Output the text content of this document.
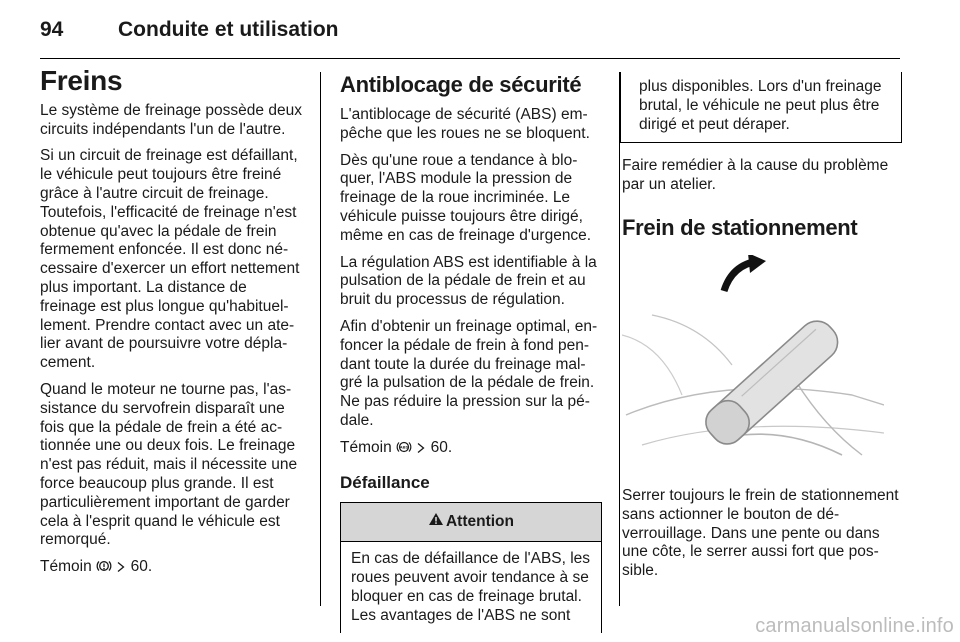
94	Conduite et utilisation
Freins

Le système de freinage possède deux circuits indépendants l'un de l'autre.

Si un circuit de freinage est défaillant, le véhicule peut toujours être freiné grâce à l'autre circuit de freinage. Toutefois, l'efficacité de freinage n'est obtenue qu'avec la pédale de frein fermement enfoncée. Il est donc nécessaire d'exercer un effort nettement plus important. La distance de freinage est plus longue qu'habituellement. Prendre contact avec un atelier avant de poursuivre votre déplacement.

Quand le moteur ne tourne pas, l'assistance du servofrein disparaît une fois que la pédale de frein a été actionnée une ou deux fois. Le freinage n'est pas réduit, mais il nécessite une force beaucoup plus grande. Il est particulièrement important de garder cela à l'esprit quand le véhicule est remorqué.

Témoin	60.

Antiblocage de sécurité

L'antiblocage de sécurité (ABS) empêche que les roues ne se bloquent.

Dès qu'une roue a tendance à bloquer, l'ABS module la pression de freinage de la roue incriminée. Le véhicule puisse toujours être dirigé, même en cas de freinage d'urgence.

La régulation ABS est identifiable à la pulsation de la pédale de frein et au bruit du processus de régulation.

Afin d'obtenir un freinage optimal, enfoncer la pédale de frein à fond pendant toute la durée du freinage malgré la pulsation de la pédale de frein. Ne pas réduire la pression sur la pédale.

Témoin ABS 60.

Défaillance
Attention
En cas de défaillance de l'ABS, les roues peuvent avoir tendance à se bloquer en cas de freinage brutal. Les avantages de l'ABS ne sont
plus disponibles. Lors d'un freinage brutal, le véhicule ne peut plus être dirigé et peut déraper.

Faire remédier à la cause du problème par un atelier.

Frein de stationnement

Serrer toujours le frein de stationnement sans actionner le bouton de déverrouillage. Dans une pente ou dans une côte, le serrer aussi fort que possible.

carmanualsonline.info
